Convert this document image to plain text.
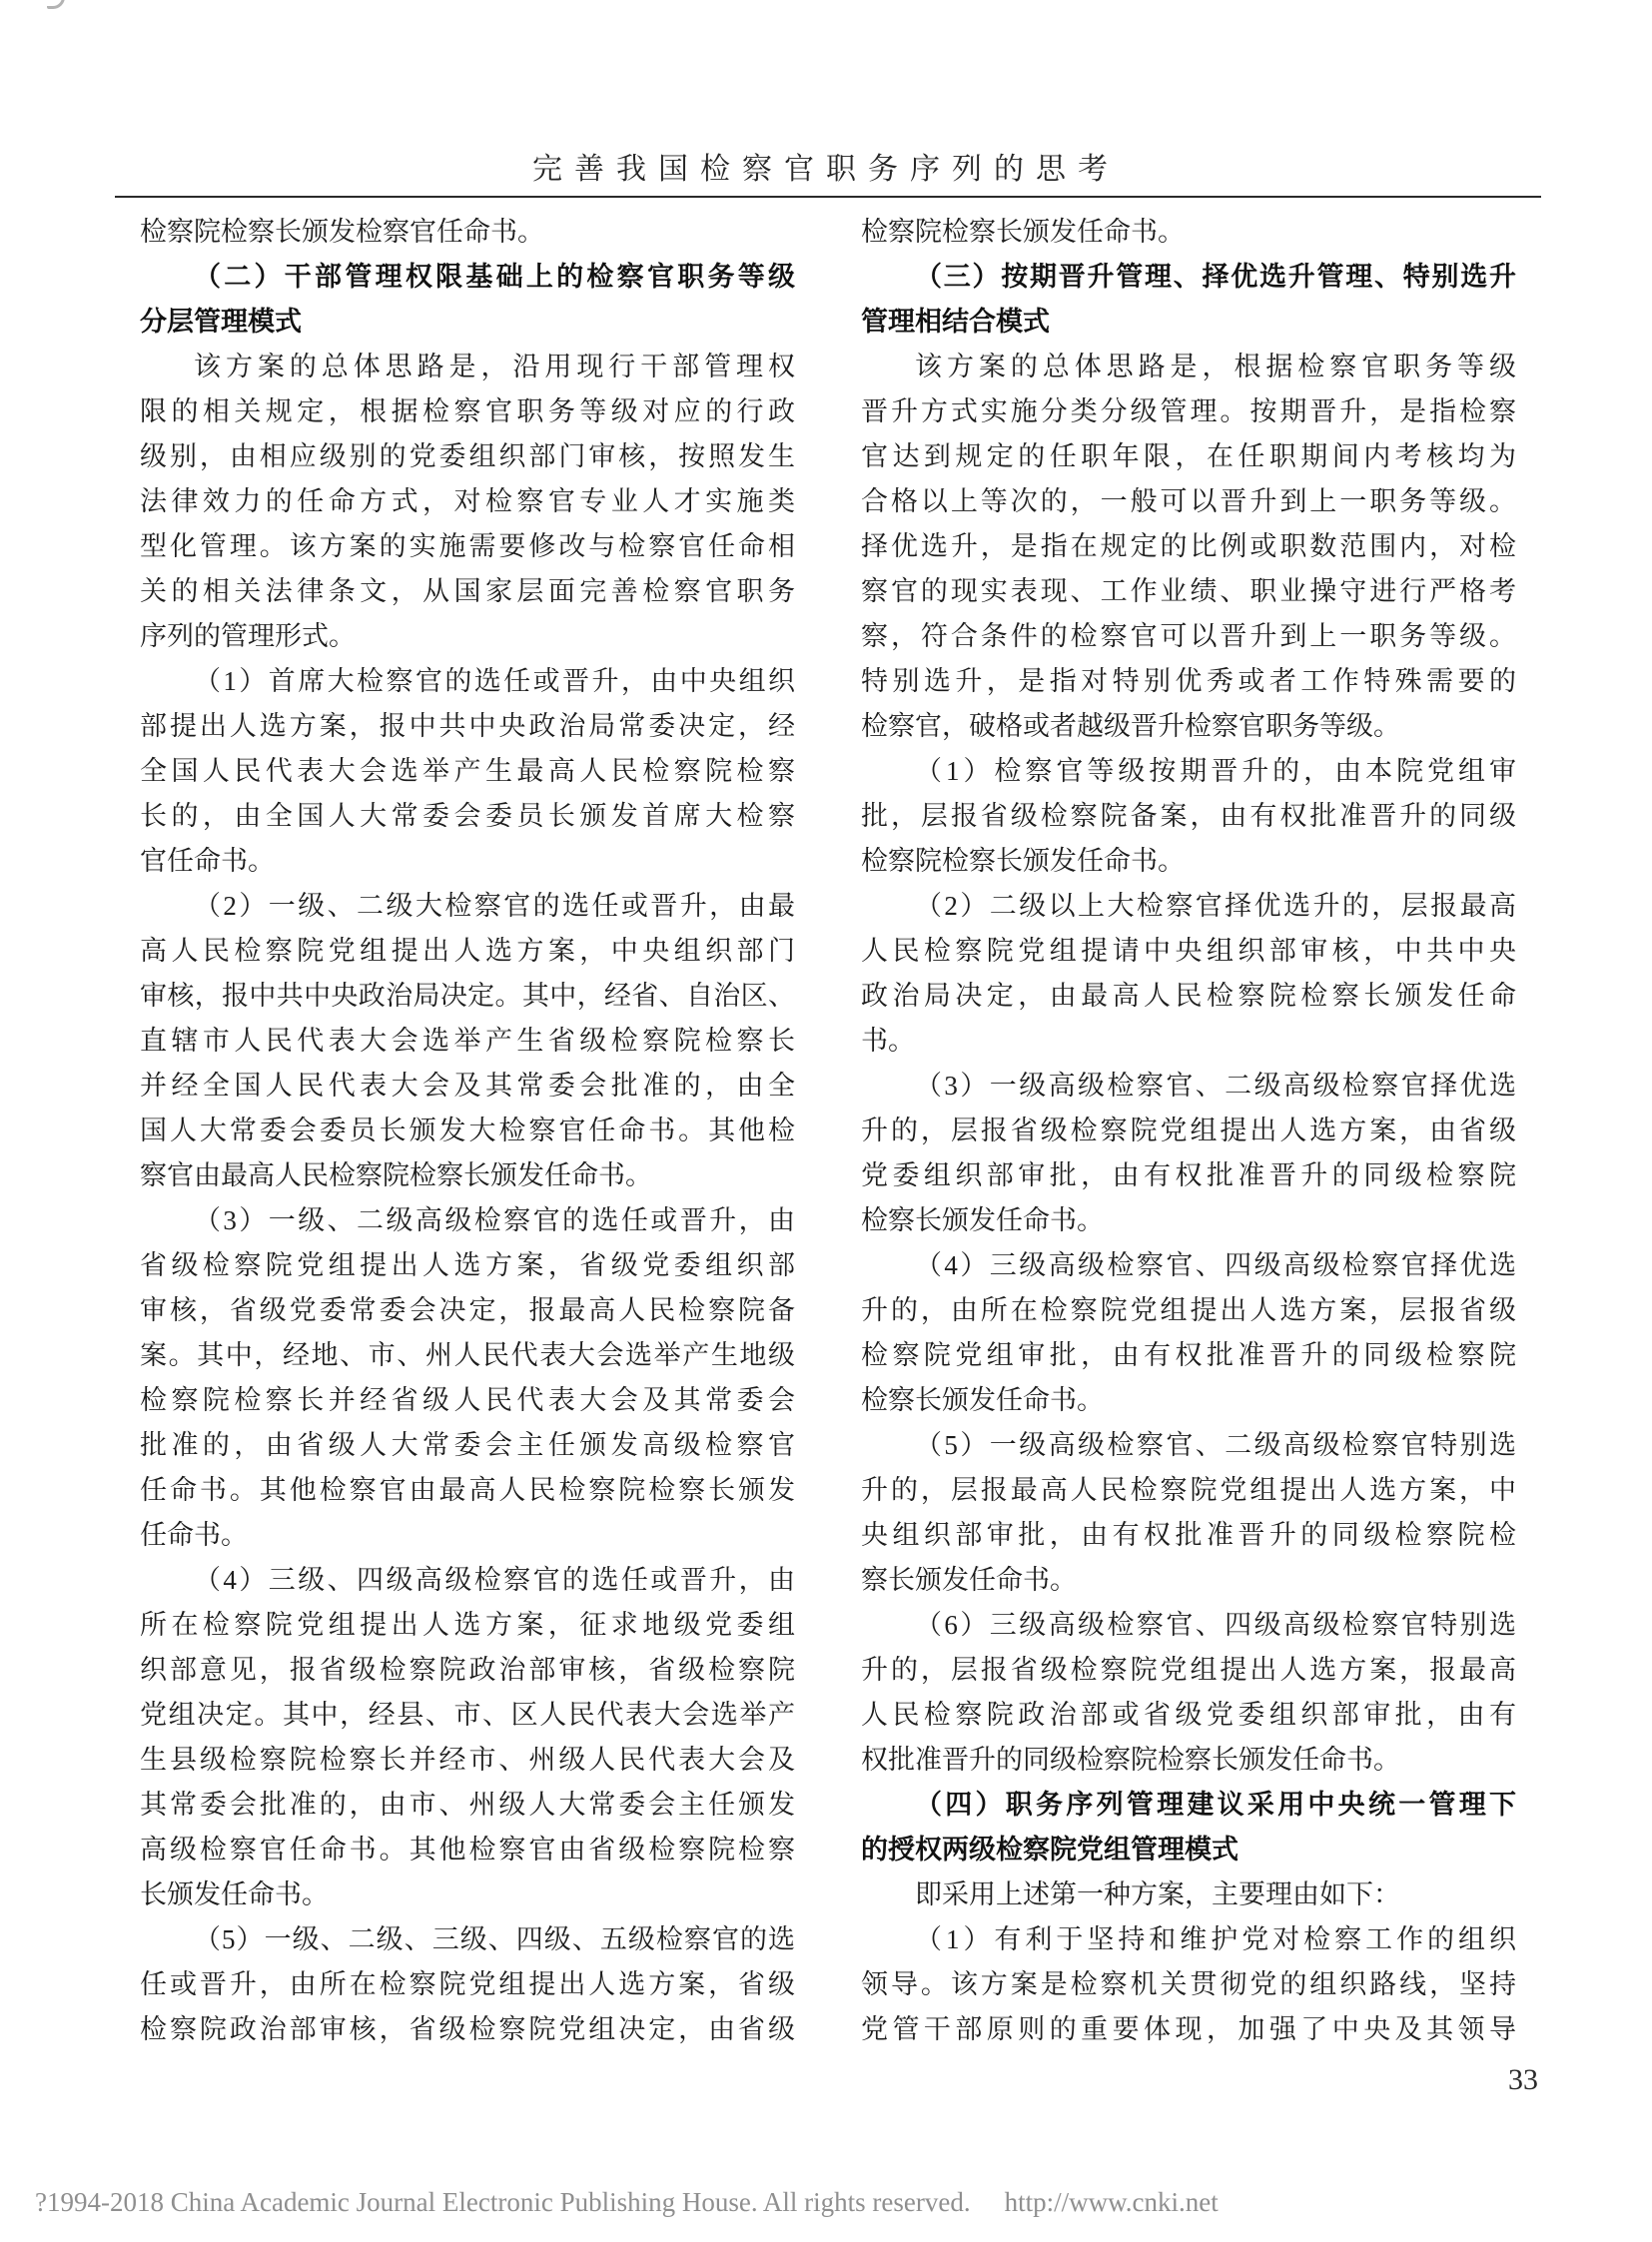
完善我国检察官职务序列的思考
检察院检察长颁发检察官任命书。
（二）干部管理权限基础上的检察官职务等级
分层管理模式
该方案的总体思路是，沿用现行干部管理权
限的相关规定，根据检察官职务等级对应的行政
级别，由相应级别的党委组织部门审核，按照发生
法律效力的任命方式，对检察官专业人才实施类
型化管理。该方案的实施需要修改与检察官任命相
关的相关法律条文，从国家层面完善检察官职务
序列的管理形式。
（1）首席大检察官的选任或晋升，由中央组织
部提出人选方案，报中共中央政治局常委决定，经
全国人民代表大会选举产生最高人民检察院检察
长的，由全国人大常委会委员长颁发首席大检察
官任命书。
（2）一级、二级大检察官的选任或晋升，由最
高人民检察院党组提出人选方案，中央组织部门
审核，报中共中央政治局决定。其中，经省、自治区、
直辖市人民代表大会选举产生省级检察院检察长
并经全国人民代表大会及其常委会批准的，由全
国人大常委会委员长颁发大检察官任命书。其他检
察官由最高人民检察院检察长颁发任命书。
（3）一级、二级高级检察官的选任或晋升，由
省级检察院党组提出人选方案，省级党委组织部
审核，省级党委常委会决定，报最高人民检察院备
案。其中，经地、市、州人民代表大会选举产生地级
检察院检察长并经省级人民代表大会及其常委会
批准的，由省级人大常委会主任颁发高级检察官
任命书。其他检察官由最高人民检察院检察长颁发
任命书。
（4）三级、四级高级检察官的选任或晋升，由
所在检察院党组提出人选方案，征求地级党委组
织部意见，报省级检察院政治部审核，省级检察院
党组决定。其中，经县、市、区人民代表大会选举产
生县级检察院检察长并经市、州级人民代表大会及
其常委会批准的，由市、州级人大常委会主任颁发
高级检察官任命书。其他检察官由省级检察院检察
长颁发任命书。
（5）一级、二级、三级、四级、五级检察官的选
任或晋升，由所在检察院党组提出人选方案，省级
检察院政治部审核，省级检察院党组决定，由省级
检察院检察长颁发任命书。
（三）按期晋升管理、择优选升管理、特别选升
管理相结合模式
该方案的总体思路是，根据检察官职务等级
晋升方式实施分类分级管理。按期晋升，是指检察
官达到规定的任职年限，在任职期间内考核均为
合格以上等次的，一般可以晋升到上一职务等级。
择优选升，是指在规定的比例或职数范围内，对检
察官的现实表现、工作业绩、职业操守进行严格考
察，符合条件的检察官可以晋升到上一职务等级。
特别选升，是指对特别优秀或者工作特殊需要的
检察官，破格或者越级晋升检察官职务等级。
（1）检察官等级按期晋升的，由本院党组审
批，层报省级检察院备案，由有权批准晋升的同级
检察院检察长颁发任命书。
（2）二级以上大检察官择优选升的，层报最高
人民检察院党组提请中央组织部审核，中共中央
政治局决定，由最高人民检察院检察长颁发任命
书。
（3）一级高级检察官、二级高级检察官择优选
升的，层报省级检察院党组提出人选方案，由省级
党委组织部审批，由有权批准晋升的同级检察院
检察长颁发任命书。
（4）三级高级检察官、四级高级检察官择优选
升的，由所在检察院党组提出人选方案，层报省级
检察院党组审批，由有权批准晋升的同级检察院
检察长颁发任命书。
（5）一级高级检察官、二级高级检察官特别选
升的，层报最高人民检察院党组提出人选方案，中
央组织部审批，由有权批准晋升的同级检察院检
察长颁发任命书。
（6）三级高级检察官、四级高级检察官特别选
升的，层报省级检察院党组提出人选方案，报最高
人民检察院政治部或省级党委组织部审批，由有
权批准晋升的同级检察院检察长颁发任命书。
（四）职务序列管理建议采用中央统一管理下
的授权两级检察院党组管理模式
即采用上述第一种方案，主要理由如下：
（1）有利于坚持和维护党对检察工作的组织
领导。该方案是检察机关贯彻党的组织路线，坚持
党管干部原则的重要体现，加强了中央及其领导
33
?1994-2018 China Academic Journal Electronic Publishing House. All rights reserved. http://www.cnki.net
